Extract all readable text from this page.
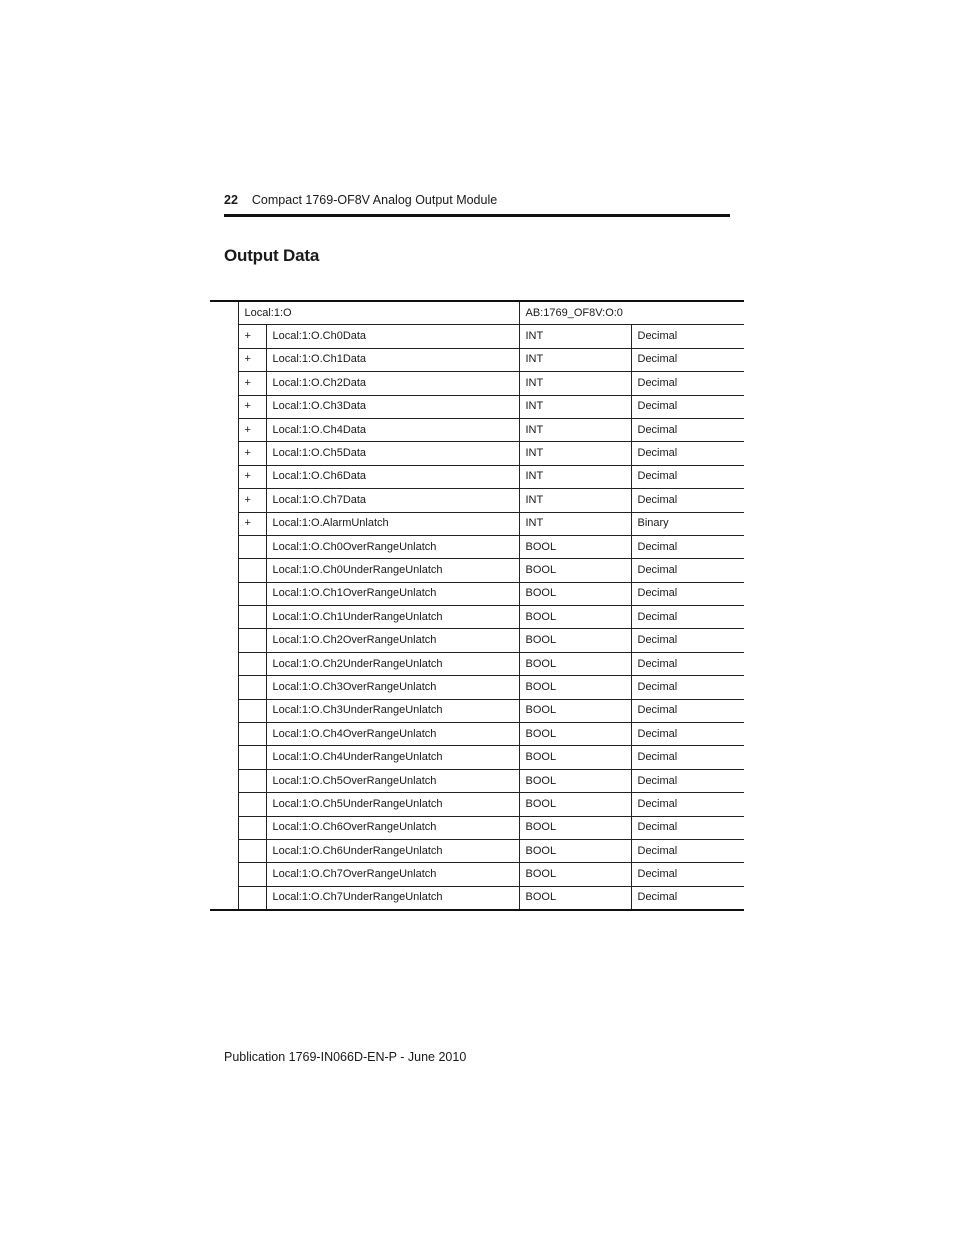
22 Compact 1769-OF8V Analog Output Module
Output Data
	Local:1:O		AB:1769_OF8V:O:0	
	+	Local:1:O.Ch0Data	INT	Decimal
	+	Local:1:O.Ch1Data	INT	Decimal
	+	Local:1:O.Ch2Data	INT	Decimal
	+	Local:1:O.Ch3Data	INT	Decimal
	+	Local:1:O.Ch4Data	INT	Decimal
	+	Local:1:O.Ch5Data	INT	Decimal
	+	Local:1:O.Ch6Data	INT	Decimal
	+	Local:1:O.Ch7Data	INT	Decimal
	+	Local:1:O.AlarmUnlatch	INT	Binary
		Local:1:O.Ch0OverRangeUnlatch	BOOL	Decimal
		Local:1:O.Ch0UnderRangeUnlatch	BOOL	Decimal
		Local:1:O.Ch1OverRangeUnlatch	BOOL	Decimal
		Local:1:O.Ch1UnderRangeUnlatch	BOOL	Decimal
		Local:1:O.Ch2OverRangeUnlatch	BOOL	Decimal
		Local:1:O.Ch2UnderRangeUnlatch	BOOL	Decimal
		Local:1:O.Ch3OverRangeUnlatch	BOOL	Decimal
		Local:1:O.Ch3UnderRangeUnlatch	BOOL	Decimal
		Local:1:O.Ch4OverRangeUnlatch	BOOL	Decimal
		Local:1:O.Ch4UnderRangeUnlatch	BOOL	Decimal
		Local:1:O.Ch5OverRangeUnlatch	BOOL	Decimal
		Local:1:O.Ch5UnderRangeUnlatch	BOOL	Decimal
		Local:1:O.Ch6OverRangeUnlatch	BOOL	Decimal
		Local:1:O.Ch6UnderRangeUnlatch	BOOL	Decimal
		Local:1:O.Ch7OverRangeUnlatch	BOOL	Decimal
		Local:1:O.Ch7UnderRangeUnlatch	BOOL	Decimal
Publication 1769-IN066D-EN-P - June 2010
